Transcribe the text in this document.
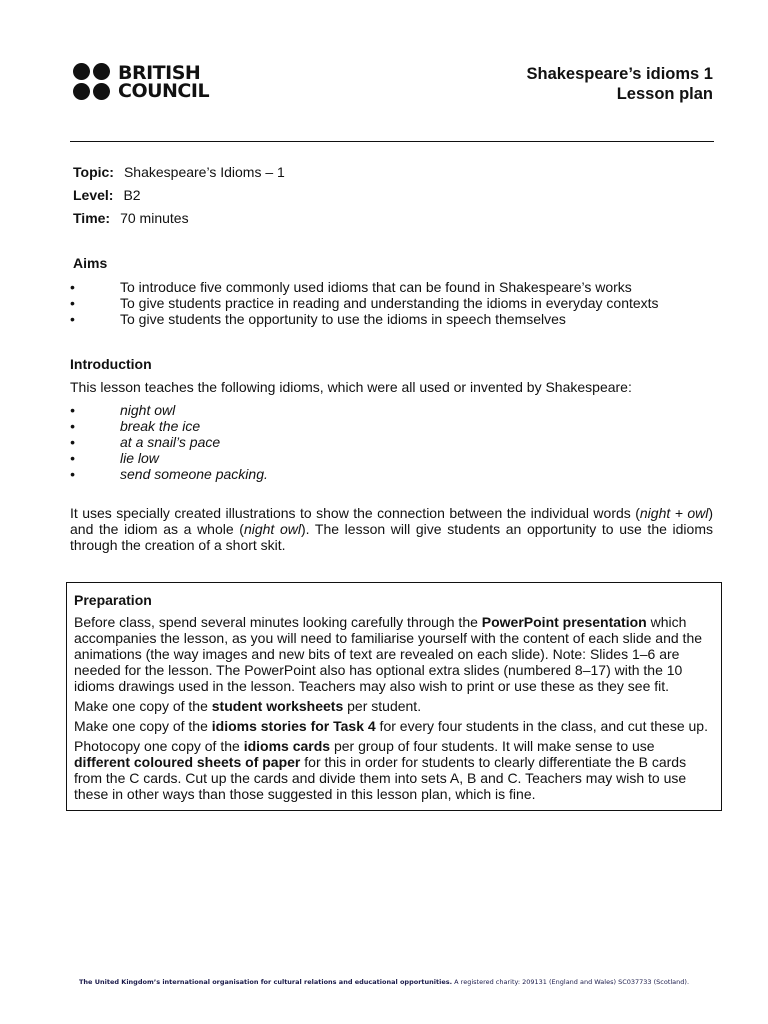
BRITISH
COUNCIL
Shakespeare’s idioms 1
Lesson plan
Topic: Shakespeare’s Idioms – 1
Level: B2
Time: 70 minutes
Aims
• To introduce five commonly used idioms that can be found in Shakespeare’s works
• To give students practice in reading and understanding the idioms in everyday contexts
• To give students the opportunity to use the idioms in speech themselves
Introduction
This lesson teaches the following idioms, which were all used or invented by Shakespeare:
• night owl
• break the ice
• at a snail’s pace
• lie low
• send someone packing.
It uses specially created illustrations to show the connection between the individual words (night + owl) and the idiom as a whole (night owl). The lesson will give students an opportunity to use the idioms through the creation of a short skit.

Preparation

Before class, spend several minutes looking carefully through the PowerPoint presentation which accompanies the lesson, as you will need to familiarise yourself with the content of each slide and the animations (the way images and new bits of text are revealed on each slide). Note: Slides 1–6 are needed for the lesson. The PowerPoint also has optional extra slides (numbered 8–17) with the 10 idioms drawings used in the lesson. Teachers may also wish to print or use these as they see fit.

Make one copy of the student worksheets per student.

Make one copy of the idioms stories for Task 4 for every four students in the class, and cut these up.

Photocopy one copy of the idioms cards per group of four students. It will make sense to use different coloured sheets of paper for this in order for students to clearly differentiate the B cards from the C cards. Cut up the cards and divide them into sets A, B and C. Teachers may wish to use these in other ways than those suggested in this lesson plan, which is fine.

The United Kingdom’s international organisation for cultural relations and educational opportunities. A registered charity: 209131 (England and Wales) SC037733 (Scotland).
